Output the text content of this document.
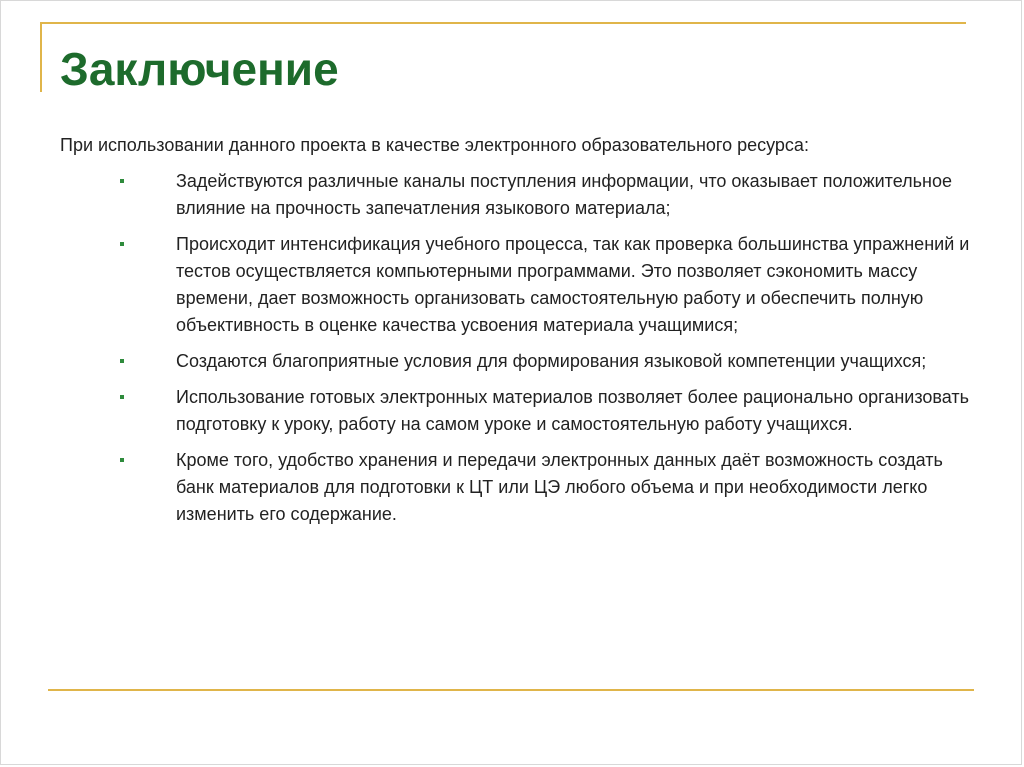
Заключение

При использовании данного проекта в качестве электронного образовательного ресурса:

Задействуются различные каналы поступления информации, что оказывает положительное влияние на прочность запечатления языкового материала;
Происходит интенсификация учебного процесса, так как проверка большинства упражнений и тестов осуществляется компьютерными программами. Это позволяет сэкономить массу времени, дает возможность организовать самостоятельную работу и обеспечить полную объективность в оценке качества усвоения материала учащимися;
Создаются благоприятные условия для формирования языковой компетенции учащихся;
Использование готовых электронных материалов позволяет более рационально организовать подготовку к уроку, работу на самом уроке и самостоятельную работу учащихся.
Кроме того, удобство хранения и передачи электронных данных даёт возможность создать банк материалов для подготовки к ЦТ или ЦЭ любого объема и при необходимости легко изменить его содержание.
